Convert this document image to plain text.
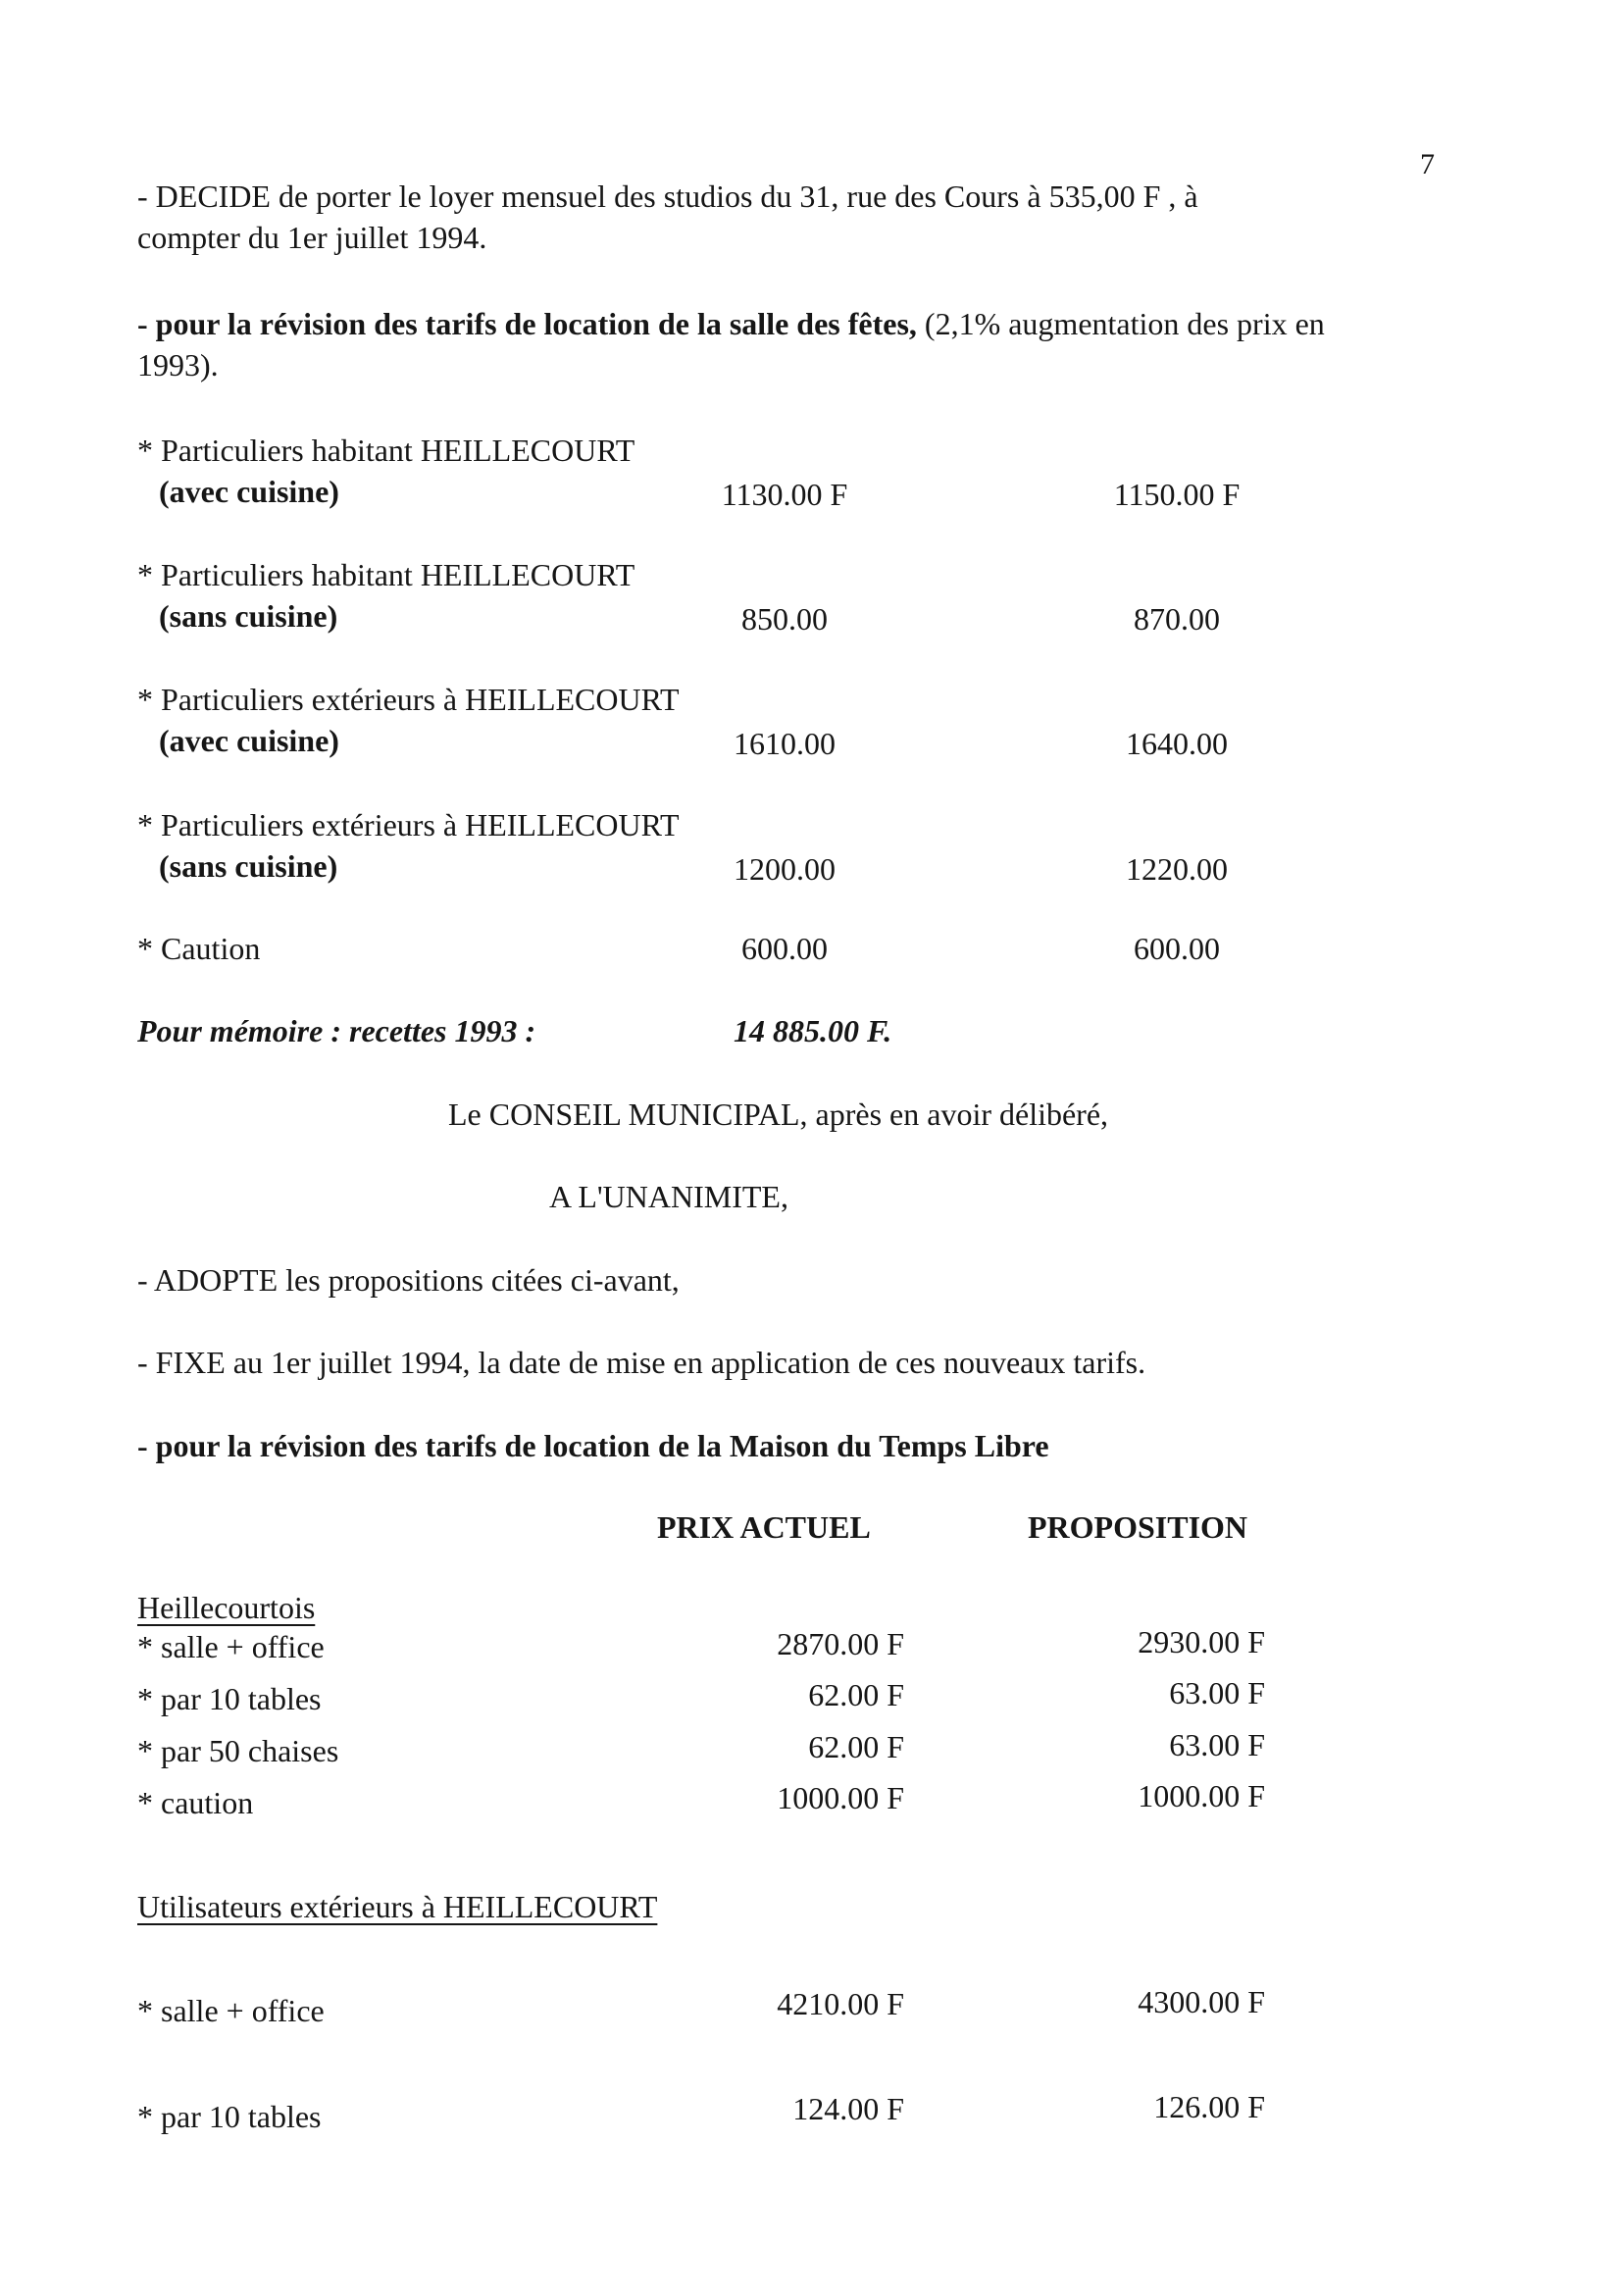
7
- DECIDE de porter le loyer mensuel des studios du 31, rue des Cours à 535,00 F , à
compter du 1er juillet 1994.
- pour la révision des tarifs de location de la salle des fêtes, (2,1% augmentation des prix en
1993).
* Particuliers habitant HEILLECOURT
(avec cuisine)	1130.00 F	1150.00 F
* Particuliers habitant HEILLECOURT
(sans cuisine)	850.00	870.00
* Particuliers extérieurs à HEILLECOURT
(avec cuisine)	1610.00	1640.00
* Particuliers extérieurs à HEILLECOURT
(sans cuisine)	1200.00	1220.00
* Caution	600.00	600.00
Pour mémoire : recettes 1993 :	14 885.00 F.
Le CONSEIL MUNICIPAL, après en avoir délibéré,
A L'UNANIMITE,
- ADOPTE les propositions citées ci-avant,
- FIXE au 1er juillet 1994, la date de mise en application de ces nouveaux tarifs.
- pour la révision des tarifs de location de la Maison du Temps Libre
PRIX ACTUEL	PROPOSITION
Heillecourtois
* salle + office	2870.00 F	2930.00 F
* par 10 tables	62.00 F	63.00 F
* par 50 chaises	62.00 F	63.00 F
* caution	1000.00 F	1000.00 F
Utilisateurs extérieurs à HEILLECOURT
* salle + office	4210.00 F	4300.00 F
* par 10 tables	124.00 F	126.00 F
